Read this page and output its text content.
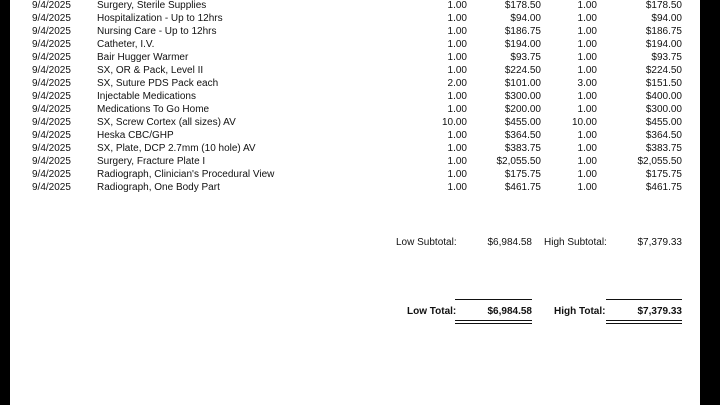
9/4/2025	Surgery, Sterile Supplies	1.00	$178.50	1.00	$178.50
9/4/2025	Hospitalization - Up to 12hrs	1.00	$94.00	1.00	$94.00
9/4/2025	Nursing Care - Up to 12hrs	1.00	$186.75	1.00	$186.75
9/4/2025	Catheter, I.V.	1.00	$194.00	1.00	$194.00
9/4/2025	Bair Hugger Warmer	1.00	$93.75	1.00	$93.75
9/4/2025	SX, OR & Pack, Level II	1.00	$224.50	1.00	$224.50
9/4/2025	SX, Suture PDS Pack each	2.00	$101.00	3.00	$151.50
9/4/2025	Injectable Medications	1.00	$300.00	1.00	$400.00
9/4/2025	Medications To Go Home	1.00	$200.00	1.00	$300.00
9/4/2025	SX, Screw Cortex (all sizes) AV	10.00	$455.00	10.00	$455.00
9/4/2025	Heska CBC/GHP	1.00	$364.50	1.00	$364.50
9/4/2025	SX, Plate, DCP 2.7mm (10 hole) AV	1.00	$383.75	1.00	$383.75
9/4/2025	Surgery, Fracture Plate I	1.00	$2,055.50	1.00	$2,055.50
9/4/2025	Radiograph, Clinician's Procedural View	1.00	$175.75	1.00	$175.75
9/4/2025	Radiograph, One Body Part	1.00	$461.75	1.00	$461.75
Low Subtotal:	$6,984.58 High Subtotal:	$7,379.33
Low Total:	$6,984.58 High Total:	$7,379.33
